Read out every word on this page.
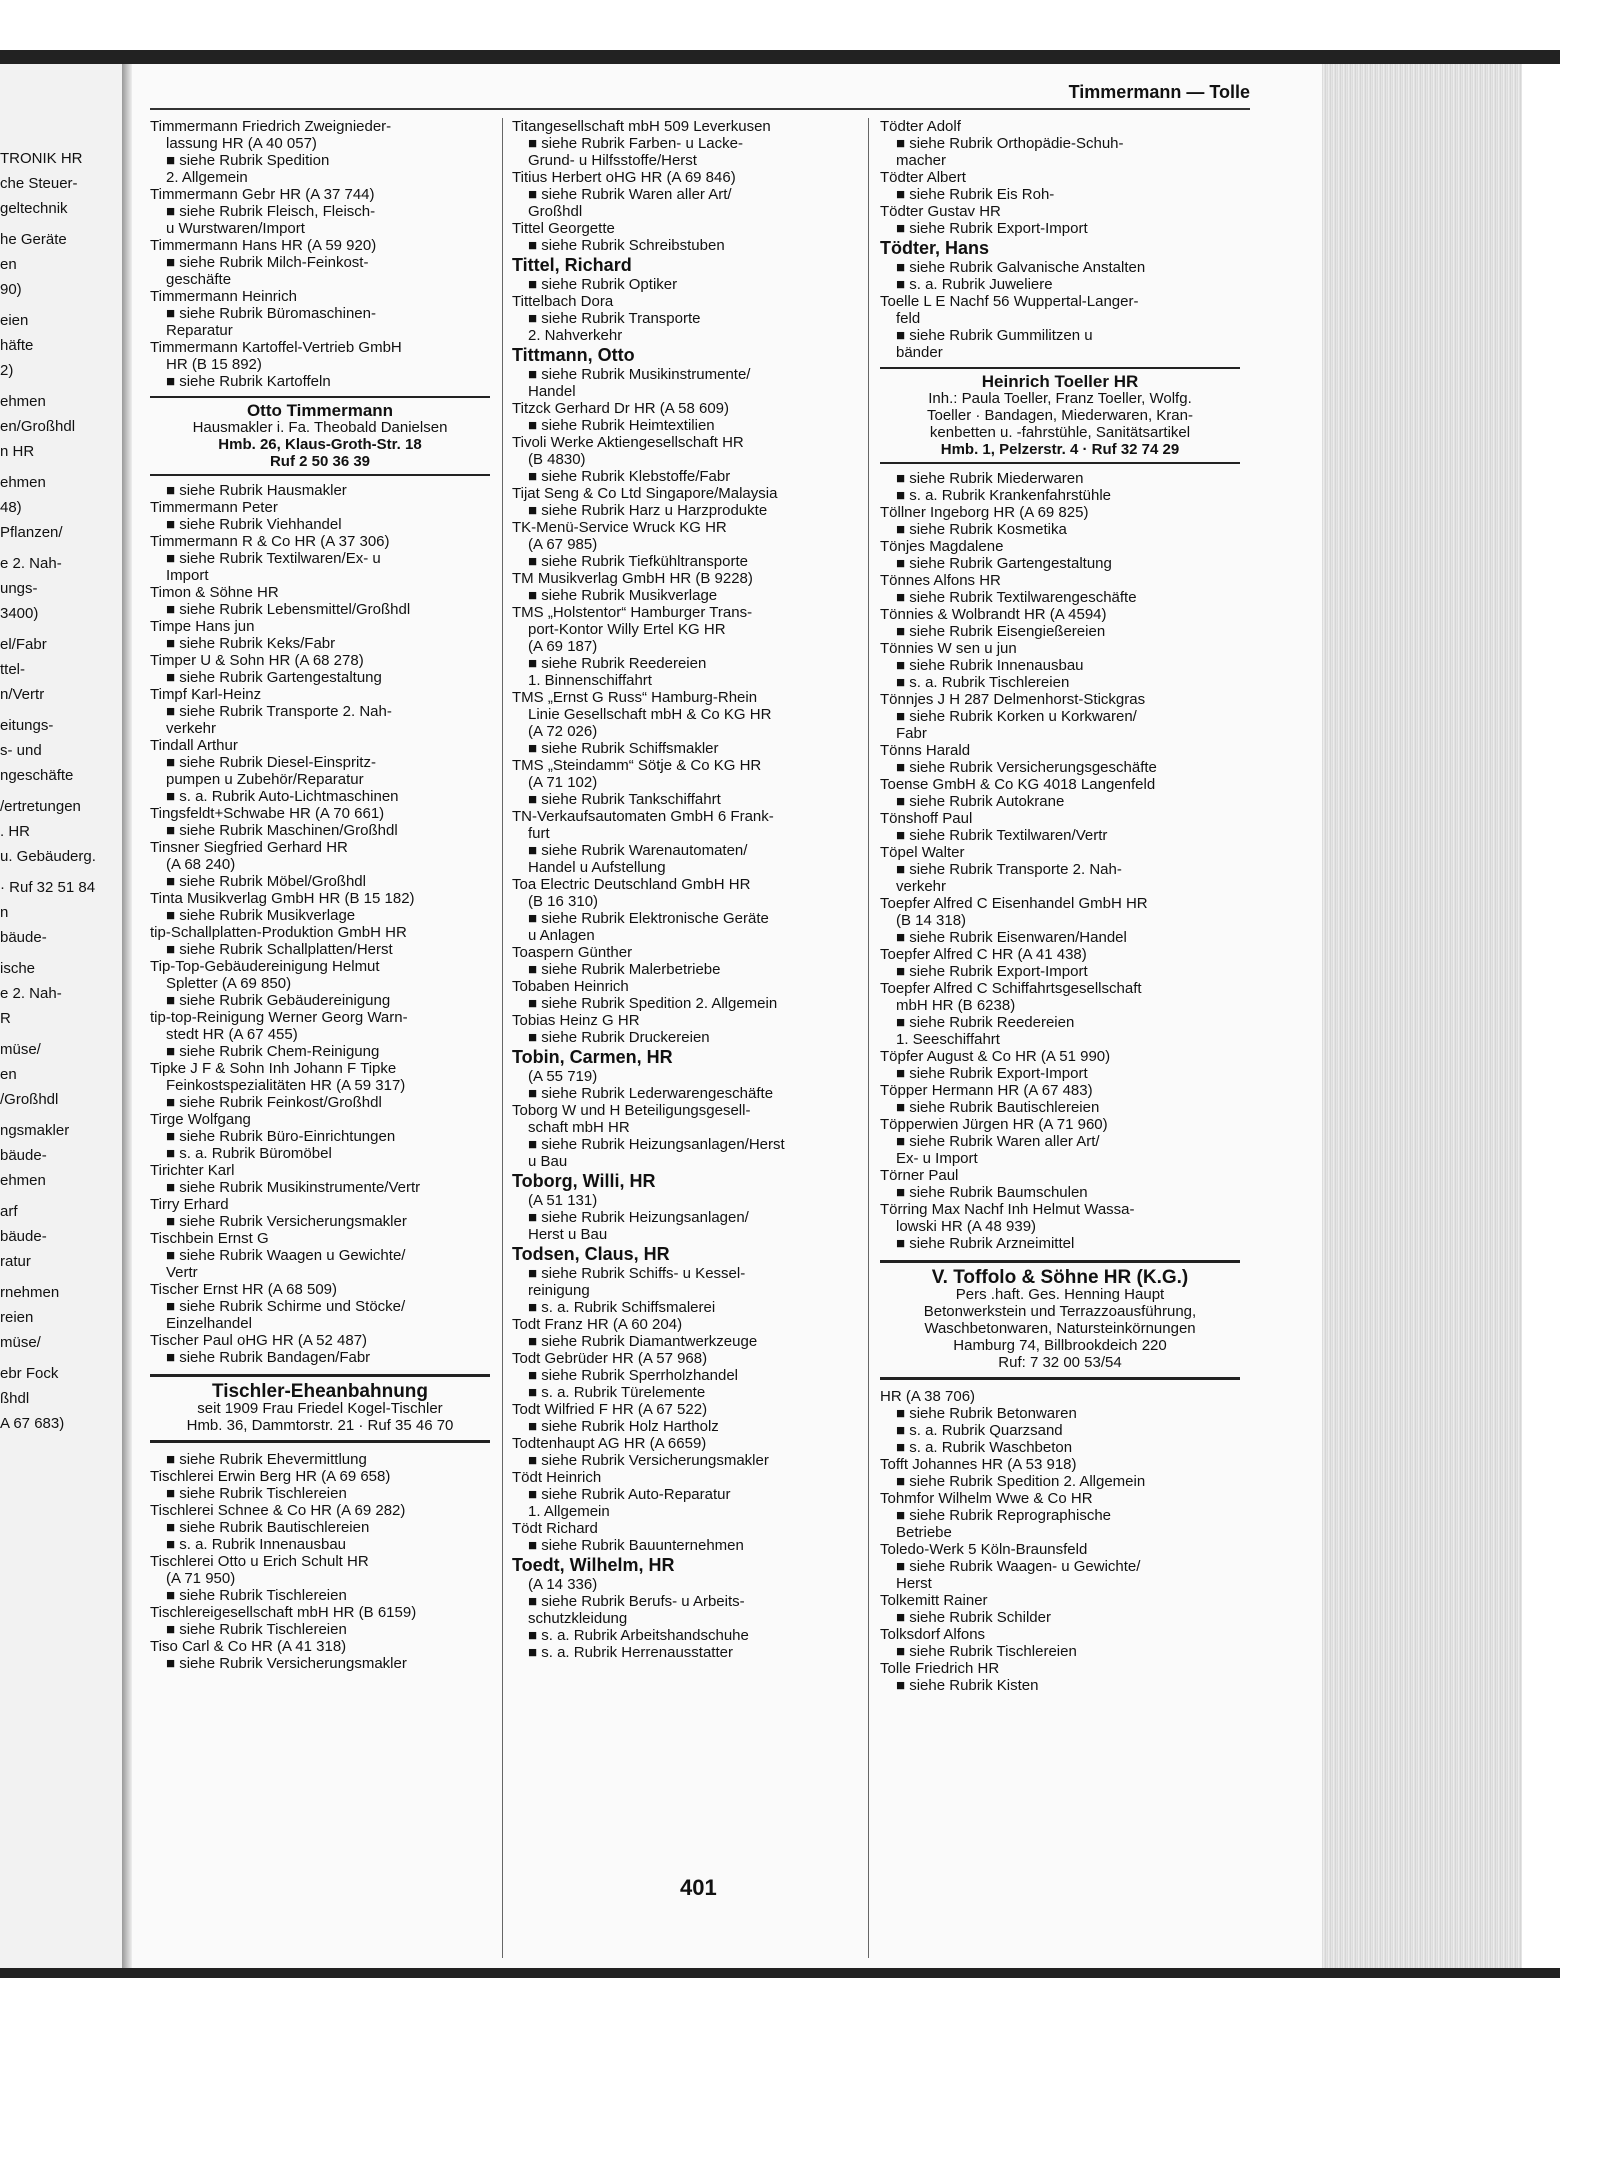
TRONIK HR
che Steuer-
geltechnik
he Geräte
en
90)
eien
häfte
2)
ehmen
en/Großhdl
n HR
ehmen
48)
Pflanzen/
e 2. Nah-
ungs-
3400)
el/Fabr
ttel-
n/Vertr
eitungs-
s- und
ngeschäfte
/ertretungen
. HR
u. Gebäuderg.
· Ruf 32 51 84
n
bäude-
ische
e 2. Nah-
R
müse/
en
/Großhdl
ngsmakler
bäude-
ehmen
arf
bäude-
ratur
rnehmen
reien
müse/
ebr Fock
ßhdl
A 67 683)
Timmermann — Tolle
Timmermann Friedrich Zweignieder-
lassung HR (A 40 057)
■ siehe Rubrik Spedition
2. Allgemein
Timmermann Gebr HR (A 37 744)
■ siehe Rubrik Fleisch, Fleisch-
u Wurstwaren/Import
Timmermann Hans HR (A 59 920)
■ siehe Rubrik Milch-Feinkost-
geschäfte
Timmermann Heinrich
■ siehe Rubrik Büromaschinen-
Reparatur
Timmermann Kartoffel-Vertrieb GmbH
HR (B 15 892)
■ siehe Rubrik Kartoffeln
Otto Timmermann
Hausmakler i. Fa. Theobald Danielsen
Hmb. 26, Klaus-Groth-Str. 18
Ruf 2 50 36 39
■ siehe Rubrik Hausmakler
Timmermann Peter
■ siehe Rubrik Viehhandel
Timmermann R & Co HR (A 37 306)
■ siehe Rubrik Textilwaren/Ex- u
Import
Timon & Söhne HR
■ siehe Rubrik Lebensmittel/Großhdl
Timpe Hans jun
■ siehe Rubrik Keks/Fabr
Timper U & Sohn HR (A 68 278)
■ siehe Rubrik Gartengestaltung
Timpf Karl-Heinz
■ siehe Rubrik Transporte 2. Nah-
verkehr
Tindall Arthur
■ siehe Rubrik Diesel-Einspritz-
pumpen u Zubehör/Reparatur
■ s. a. Rubrik Auto-Lichtmaschinen
Tingsfeldt+Schwabe HR (A 70 661)
■ siehe Rubrik Maschinen/Großhdl
Tinsner Siegfried Gerhard HR
(A 68 240)
■ siehe Rubrik Möbel/Großhdl
Tinta Musikverlag GmbH HR (B 15 182)
■ siehe Rubrik Musikverlage
tip-Schallplatten-Produktion GmbH HR
■ siehe Rubrik Schallplatten/Herst
Tip-Top-Gebäudereinigung Helmut
Spletter (A 69 850)
■ siehe Rubrik Gebäudereinigung
tip-top-Reinigung Werner Georg Warn-
stedt HR (A 67 455)
■ siehe Rubrik Chem-Reinigung
Tipke J F & Sohn Inh Johann F Tipke
Feinkostspezialitäten HR (A 59 317)
■ siehe Rubrik Feinkost/Großhdl
Tirge Wolfgang
■ siehe Rubrik Büro-Einrichtungen
■ s. a. Rubrik Büromöbel
Tirichter Karl
■ siehe Rubrik Musikinstrumente/Vertr
Tirry Erhard
■ siehe Rubrik Versicherungsmakler
Tischbein Ernst G
■ siehe Rubrik Waagen u Gewichte/
Vertr
Tischer Ernst HR (A 68 509)
■ siehe Rubrik Schirme und Stöcke/
Einzelhandel
Tischer Paul oHG HR (A 52 487)
■ siehe Rubrik Bandagen/Fabr
Tischler-Eheanbahnung
seit 1909 Frau Friedel Kogel-Tischler
Hmb. 36, Dammtorstr. 21 · Ruf 35 46 70
■ siehe Rubrik Ehevermittlung
Tischlerei Erwin Berg HR (A 69 658)
■ siehe Rubrik Tischlereien
Tischlerei Schnee & Co HR (A 69 282)
■ siehe Rubrik Bautischlereien
■ s. a. Rubrik Innenausbau
Tischlerei Otto u Erich Schult HR
(A 71 950)
■ siehe Rubrik Tischlereien
Tischlereigesellschaft mbH HR (B 6159)
■ siehe Rubrik Tischlereien
Tiso Carl & Co HR (A 41 318)
■ siehe Rubrik Versicherungsmakler
Titangesellschaft mbH 509 Leverkusen
■ siehe Rubrik Farben- u Lacke-
Grund- u Hilfsstoffe/Herst
Titius Herbert oHG HR (A 69 846)
■ siehe Rubrik Waren aller Art/
Großhdl
Tittel Georgette
■ siehe Rubrik Schreibstuben
Tittel, Richard
■ siehe Rubrik Optiker
Tittelbach Dora
■ siehe Rubrik Transporte
2. Nahverkehr
Tittmann, Otto
■ siehe Rubrik Musikinstrumente/
Handel
Titzck Gerhard Dr HR (A 58 609)
■ siehe Rubrik Heimtextilien
Tivoli Werke Aktiengesellschaft HR
(B 4830)
■ siehe Rubrik Klebstoffe/Fabr
Tijat Seng & Co Ltd Singapore/Malaysia
■ siehe Rubrik Harz u Harzprodukte
TK-Menü-Service Wruck KG HR
(A 67 985)
■ siehe Rubrik Tiefkühltransporte
TM Musikverlag GmbH HR (B 9228)
■ siehe Rubrik Musikverlage
TMS „Holstentor“ Hamburger Trans-
port-Kontor Willy Ertel KG HR
(A 69 187)
■ siehe Rubrik Reedereien
1. Binnenschiffahrt
TMS „Ernst G Russ“ Hamburg-Rhein
Linie Gesellschaft mbH & Co KG HR
(A 72 026)
■ siehe Rubrik Schiffsmakler
TMS „Steindamm“ Sötje & Co KG HR
(A 71 102)
■ siehe Rubrik Tankschiffahrt
TN-Verkaufsautomaten GmbH 6 Frank-
furt
■ siehe Rubrik Warenautomaten/
Handel u Aufstellung
Toa Electric Deutschland GmbH HR
(B 16 310)
■ siehe Rubrik Elektronische Geräte
u Anlagen
Toaspern Günther
■ siehe Rubrik Malerbetriebe
Tobaben Heinrich
■ siehe Rubrik Spedition 2. Allgemein
Tobias Heinz G HR
■ siehe Rubrik Druckereien
Tobin, Carmen, HR
(A 55 719)
■ siehe Rubrik Lederwarengeschäfte
Toborg W und H Beteiligungsgesell-
schaft mbH HR
■ siehe Rubrik Heizungsanlagen/Herst
u Bau
Toborg, Willi, HR
(A 51 131)
■ siehe Rubrik Heizungsanlagen/
Herst u Bau
Todsen, Claus, HR
■ siehe Rubrik Schiffs- u Kessel-
reinigung
■ s. a. Rubrik Schiffsmalerei
Todt Franz HR (A 60 204)
■ siehe Rubrik Diamantwerkzeuge
Todt Gebrüder HR (A 57 968)
■ siehe Rubrik Sperrholzhandel
■ s. a. Rubrik Türelemente
Todt Wilfried F HR (A 67 522)
■ siehe Rubrik Holz Hartholz
Todtenhaupt AG HR (A 6659)
■ siehe Rubrik Versicherungsmakler
Tödt Heinrich
■ siehe Rubrik Auto-Reparatur
1. Allgemein
Tödt Richard
■ siehe Rubrik Bauunternehmen
Toedt, Wilhelm, HR
(A 14 336)
■ siehe Rubrik Berufs- u Arbeits-
schutzkleidung
■ s. a. Rubrik Arbeitshandschuhe
■ s. a. Rubrik Herrenausstatter
Tödter Adolf
■ siehe Rubrik Orthopädie-Schuh-
macher
Tödter Albert
■ siehe Rubrik Eis Roh-
Tödter Gustav HR
■ siehe Rubrik Export-Import
Tödter, Hans
■ siehe Rubrik Galvanische Anstalten
■ s. a. Rubrik Juweliere
Toelle L E Nachf 56 Wuppertal-Langer-
feld
■ siehe Rubrik Gummilitzen u
bänder
Heinrich Toeller HR
Inh.: Paula Toeller, Franz Toeller, Wolfg.
Toeller · Bandagen, Miederwaren, Kran-
kenbetten u. -fahrstühle, Sanitätsartikel
Hmb. 1, Pelzerstr. 4 · Ruf 32 74 29
■ siehe Rubrik Miederwaren
■ s. a. Rubrik Krankenfahrstühle
Töllner Ingeborg HR (A 69 825)
■ siehe Rubrik Kosmetika
Tönjes Magdalene
■ siehe Rubrik Gartengestaltung
Tönnes Alfons HR
■ siehe Rubrik Textilwarengeschäfte
Tönnies & Wolbrandt HR (A 4594)
■ siehe Rubrik Eisengießereien
Tönnies W sen u jun
■ siehe Rubrik Innenausbau
■ s. a. Rubrik Tischlereien
Tönnjes J H 287 Delmenhorst-Stickgras
■ siehe Rubrik Korken u Korkwaren/
Fabr
Tönns Harald
■ siehe Rubrik Versicherungsgeschäfte
Toense GmbH & Co KG 4018 Langenfeld
■ siehe Rubrik Autokrane
Tönshoff Paul
■ siehe Rubrik Textilwaren/Vertr
Töpel Walter
■ siehe Rubrik Transporte 2. Nah-
verkehr
Toepfer Alfred C Eisenhandel GmbH HR
(B 14 318)
■ siehe Rubrik Eisenwaren/Handel
Toepfer Alfred C HR (A 41 438)
■ siehe Rubrik Export-Import
Toepfer Alfred C Schiffahrtsgesellschaft
mbH HR (B 6238)
■ siehe Rubrik Reedereien
1. Seeschiffahrt
Töpfer August & Co HR (A 51 990)
■ siehe Rubrik Export-Import
Töpper Hermann HR (A 67 483)
■ siehe Rubrik Bautischlereien
Töpperwien Jürgen HR (A 71 960)
■ siehe Rubrik Waren aller Art/
Ex- u Import
Törner Paul
■ siehe Rubrik Baumschulen
Törring Max Nachf Inh Helmut Wassa-
lowski HR (A 48 939)
■ siehe Rubrik Arzneimittel
V. Toffolo & Söhne HR (K.G.)
Pers .haft. Ges. Henning Haupt
Betonwerkstein und Terrazzoausführung,
Waschbetonwaren, Natursteinkörnungen
Hamburg 74, Billbrookdeich 220
Ruf: 7 32 00 53/54
HR (A 38 706)
■ siehe Rubrik Betonwaren
■ s. a. Rubrik Quarzsand
■ s. a. Rubrik Waschbeton
Tofft Johannes HR (A 53 918)
■ siehe Rubrik Spedition 2. Allgemein
Tohmfor Wilhelm Wwe & Co HR
■ siehe Rubrik Reprographische
Betriebe
Toledo-Werk 5 Köln-Braunsfeld
■ siehe Rubrik Waagen- u Gewichte/
Herst
Tolkemitt Rainer
■ siehe Rubrik Schilder
Tolksdorf Alfons
■ siehe Rubrik Tischlereien
Tolle Friedrich HR
■ siehe Rubrik Kisten
401
